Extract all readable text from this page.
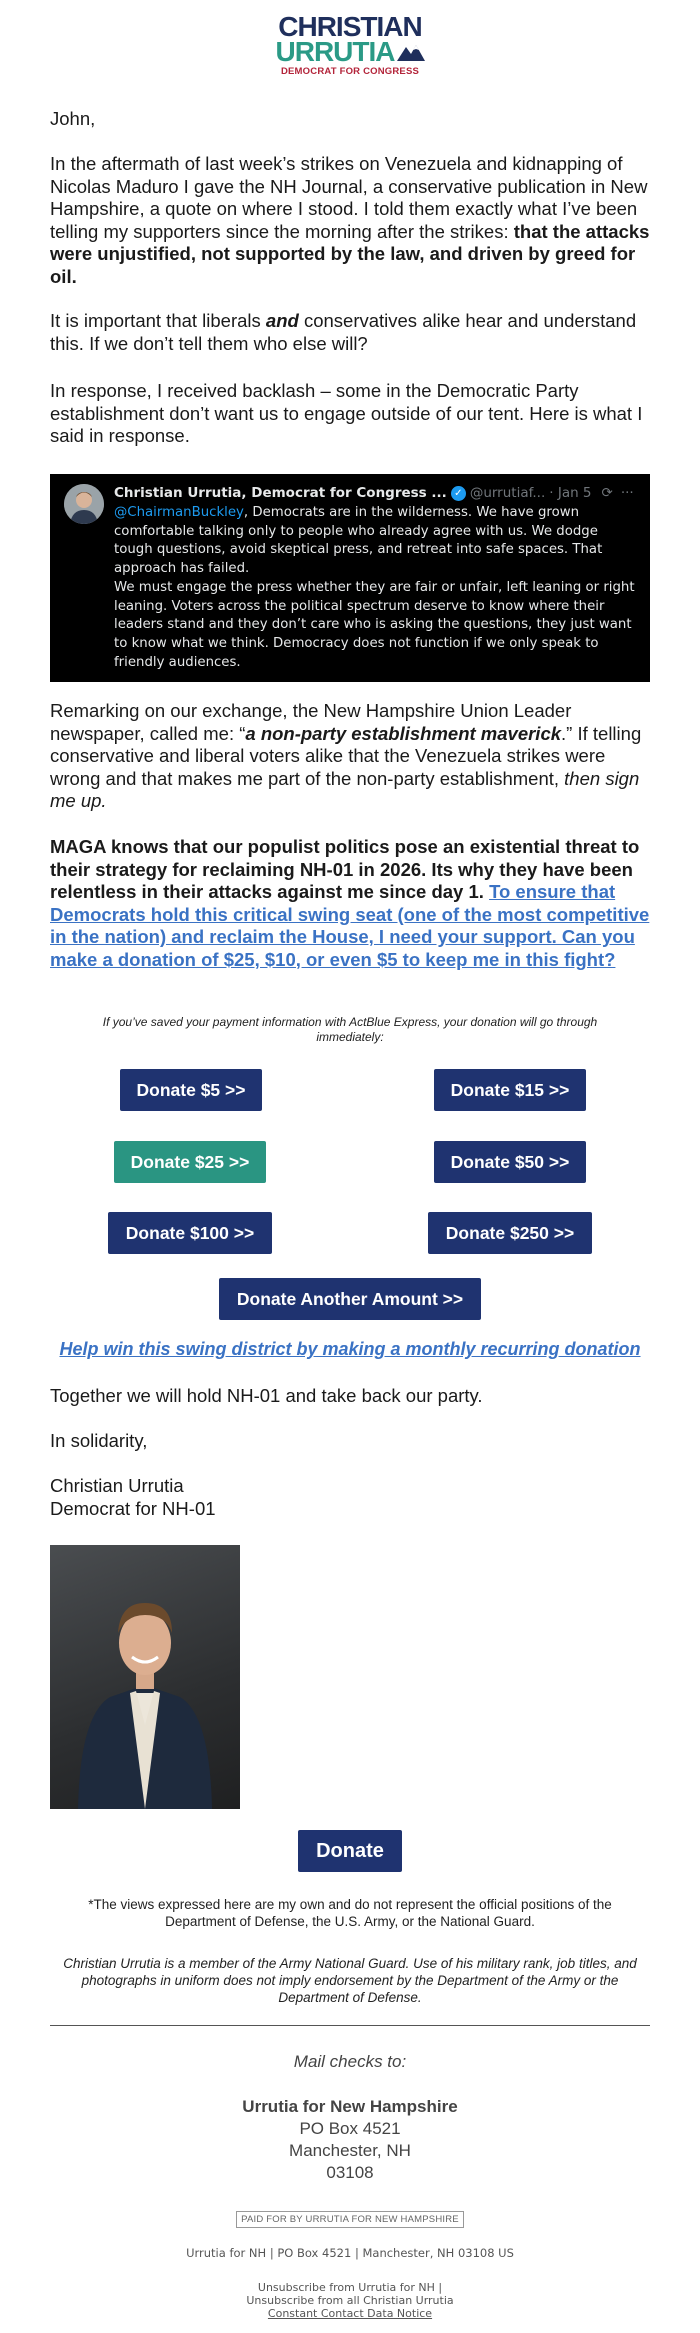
CHRISTIAN
URRUTIA
DEMOCRAT FOR CONGRESS
John,
In the aftermath of last week’s strikes on Venezuela and kidnapping of Nicolas Maduro I gave the NH Journal, a conservative publication in New Hampshire, a quote on where I stood. I told them exactly what I’ve been telling my supporters since the morning after the strikes: that the attacks were unjustified, not supported by the law, and driven by greed for oil.
It is important that liberals and conservatives alike hear and understand this. If we don’t tell them who else will?
In response, I received backlash – some in the Democratic Party establishment don’t want us to engage outside of our tent. Here is what I said in response.
Christian Urrutia, Democrat for Congress ... ✓ @urrutiaf... · Jan 5 ⟳ ···
@ChairmanBuckley, Democrats are in the wilderness. We have grown comfortable talking only to people who already agree with us. We dodge tough questions, avoid skeptical press, and retreat into safe spaces. That approach has failed.
We must engage the press whether they are fair or unfair, left leaning or right leaning. Voters across the political spectrum deserve to know where their leaders stand and they don’t care who is asking the questions, they just want to know what we think. Democracy does not function if we only speak to friendly audiences.
Remarking on our exchange, the New Hampshire Union Leader newspaper, called me: “a non-party establishment maverick.” If telling conservative and liberal voters alike that the Venezuela strikes were wrong and that makes me part of the non-party establishment, then sign me up.
MAGA knows that our populist politics pose an existential threat to their strategy for reclaiming NH-01 in 2026. Its why they have been relentless in their attacks against me since day 1. To ensure that Democrats hold this critical swing seat (one of the most competitive in the nation) and reclaim the House, I need your support. Can you make a donation of $25, $10, or even $5 to keep me in this fight?
If you’ve saved your payment information with ActBlue Express, your donation will go through immediately:
Donate $5 >>	Donate $15 >>
Donate $25 >>	Donate $50 >>
Donate $100 >>	Donate $250 >>
Donate Another Amount >>
Help win this swing district by making a monthly recurring donation
Together we will hold NH-01 and take back our party.
In solidarity,
Christian Urrutia
Democrat for NH-01
Donate
*The views expressed here are my own and do not represent the official positions of the Department of Defense, the U.S. Army, or the National Guard.
Christian Urrutia is a member of the Army National Guard. Use of his military rank, job titles, and photographs in uniform does not imply endorsement by the Department of the Army or the Department of Defense.
Mail checks to:
Urrutia for New Hampshire
PO Box 4521
Manchester, NH
03108
PAID FOR BY URRUTIA FOR NEW HAMPSHIRE
Urrutia for NH | PO Box 4521 | Manchester, NH 03108 US
Unsubscribe from Urrutia for NH |
Unsubscribe from all Christian Urrutia
Constant Contact Data Notice
